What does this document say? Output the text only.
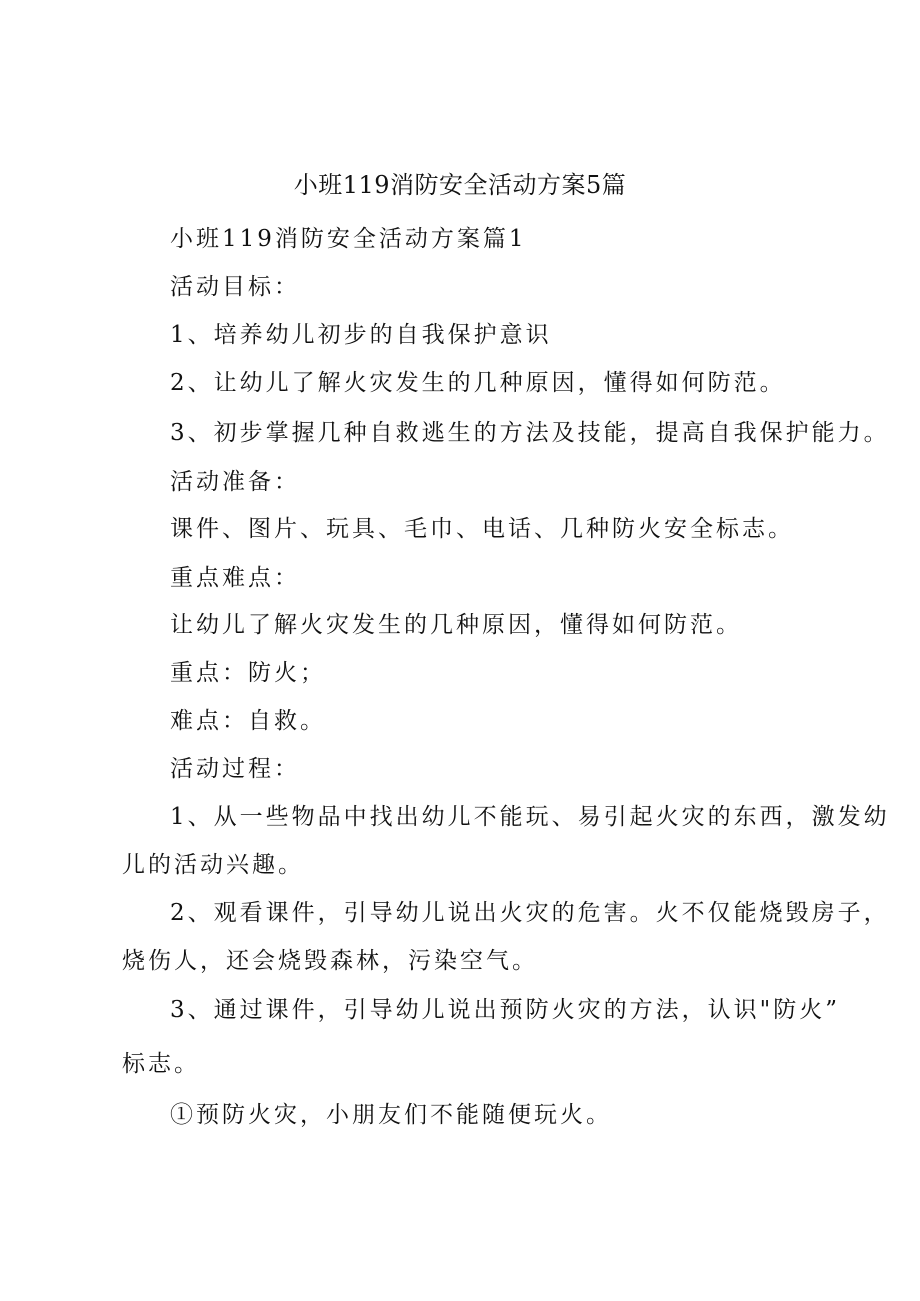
小班119消防安全活动方案5篇
小班119消防安全活动方案篇1
活动目标：
1、培养幼儿初步的自我保护意识
2、让幼儿了解火灾发生的几种原因，懂得如何防范。
3、初步掌握几种自救逃生的方法及技能，提高自我保护能力。
活动准备：
课件、图片、玩具、毛巾、电话、几种防火安全标志。
重点难点：
让幼儿了解火灾发生的几种原因，懂得如何防范。
重点：防火；
难点：自救。
活动过程：
1、从一些物品中找出幼儿不能玩、易引起火灾的东西，激发幼
儿的活动兴趣。
2、观看课件，引导幼儿说出火灾的危害。火不仅能烧毁房子，
烧伤人，还会烧毁森林，污染空气。
3、通过课件，引导幼儿说出预防火灾的方法，认识"防火”
标志。
①预防火灾，小朋友们不能随便玩火。
